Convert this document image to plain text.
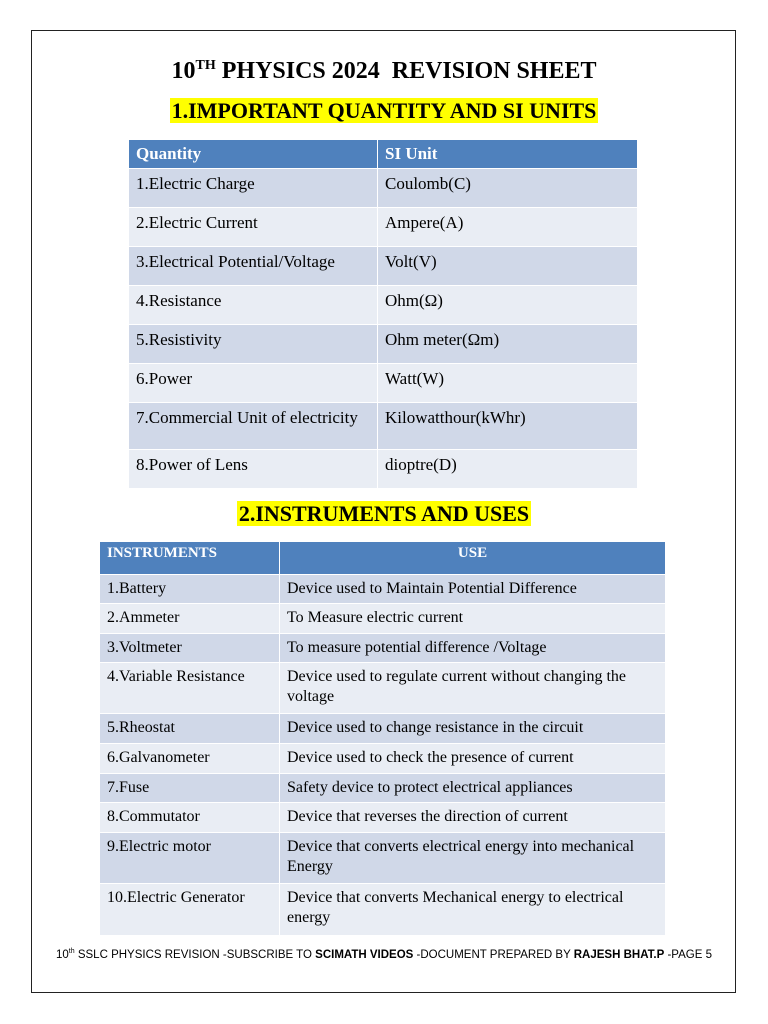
10TH PHYSICS 2024  REVISION SHEET
1.IMPORTANT QUANTITY AND SI UNITS
Quantity	SI Unit
1.Electric Charge	Coulomb(C)
2.Electric Current	Ampere(A)
3.Electrical Potential/Voltage	Volt(V)
4.Resistance	Ohm(Ω)
5.Resistivity	Ohm meter(Ωm)
6.Power	Watt(W)
7.Commercial Unit of electricity	Kilowatthour(kWhr)
8.Power of Lens	dioptre(D)
2.INSTRUMENTS AND USES
INSTRUMENTS	USE
1.Battery	Device used to Maintain Potential Difference
2.Ammeter	To Measure electric current
3.Voltmeter	To measure potential difference /Voltage
4.Variable Resistance	Device used to regulate current without changing the voltage
5.Rheostat	Device used to change resistance in the circuit
6.Galvanometer	Device used to check the presence of current
7.Fuse	Safety device to protect electrical appliances
8.Commutator	Device that reverses the direction of current
9.Electric motor	Device that converts electrical energy into mechanical Energy
10.Electric Generator	Device that converts Mechanical energy to electrical energy
10th SSLC PHYSICS REVISION -SUBSCRIBE TO SCIMATH VIDEOS -DOCUMENT PREPARED BY RAJESH BHAT.P -PAGE 5
